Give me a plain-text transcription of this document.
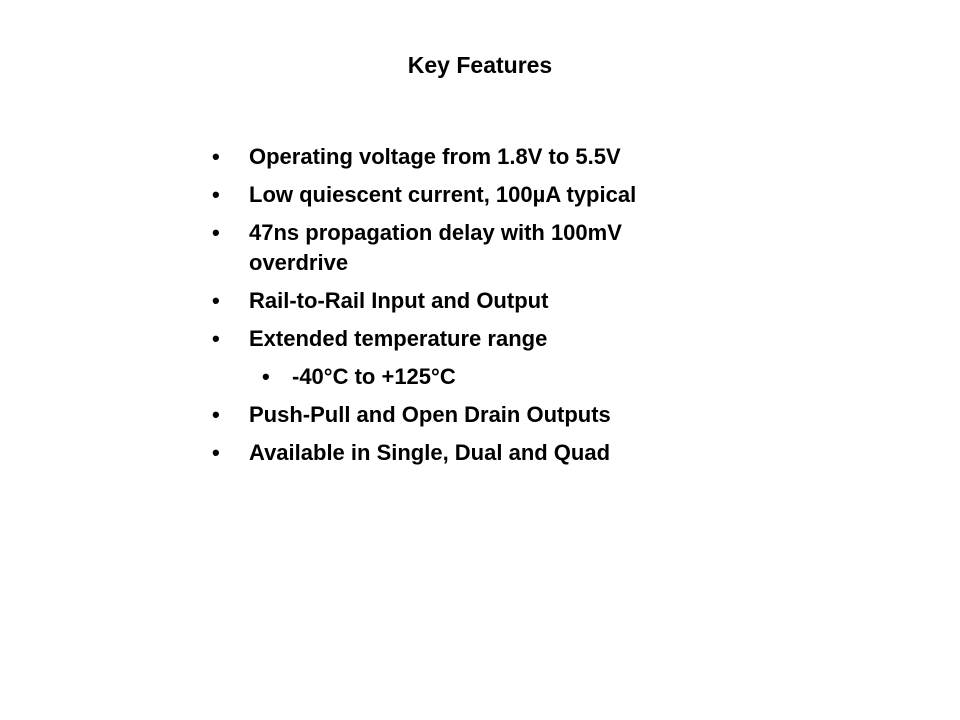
Key Features
• Operating voltage from 1.8V to 5.5V
• Low quiescent current, 100µA typical
• 47ns propagation delay with 100mV overdrive
• Rail-to-Rail Input and Output
• Extended temperature range
• -40°C to +125°C
• Push-Pull and Open Drain Outputs
• Available in Single, Dual and Quad
